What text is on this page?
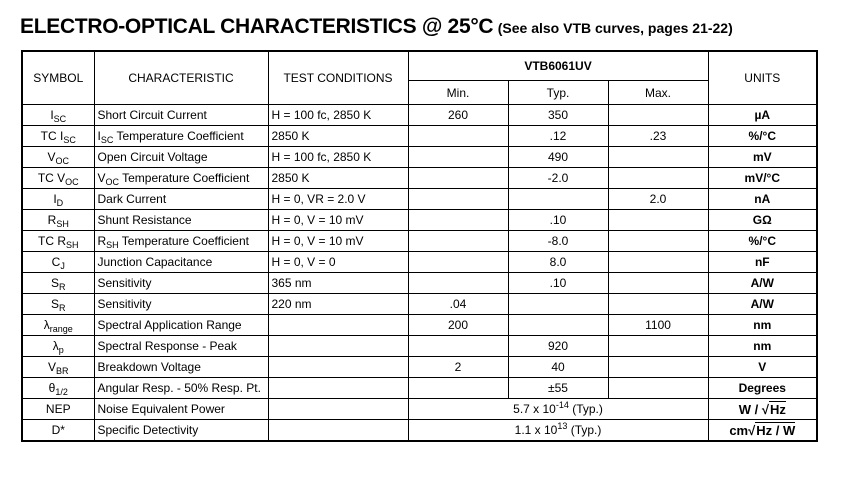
ELECTRO-OPTICAL CHARACTERISTICS @ 25°C (See also VTB curves, pages 21-22)
SYMBOL	CHARACTERISTIC	TEST CONDITIONS	VTB6061UV			UNITS
			Min.	Typ.	Max.	
$I_{SC}$	Short Circuit Current	H = 100 fc, 2850 K	260	350		µA
TC $I_{SC}$	$I_{SC}$ Temperature Coefficient	2850 K		.12	.23	%/°C
$V_{OC}$	Open Circuit Voltage	H = 100 fc, 2850 K		490		mV
TC $V_{OC}$	$V_{OC}$ Temperature Coefficient	2850 K		-2.0		mV/°C
$I_D$	Dark Current	H = 0, VR = 2.0 V			2.0	nA
$R_{SH}$	Shunt Resistance	H = 0, V = 10 mV		.10		GΩ
TC $R_{SH}$	$R_{SH}$ Temperature Coefficient	H = 0, V = 10 mV		-8.0		%/°C
$C_J$	Junction Capacitance	H = 0, V = 0		8.0		nF
$S_R$	Sensitivity	365 nm		.10		A/W
$S_R$	Sensitivity	220 nm	.04			A/W
$\lambda_{range}$	Spectral Application Range		200		1100	nm
$\lambda_p$	Spectral Response - Peak			920		nm
$V_{BR}$	Breakdown Voltage		2	40		V
$\theta_{1/2}$	Angular Resp. - 50% Resp. Pt.			±55		Degrees
NEP	Noise Equivalent Power		5.7 x $10^{-14}$ (Typ.)			W / √Hz
D*	Specific Detectivity		1.1 x $10^{13}$ (Typ.)			cm√Hz / W
